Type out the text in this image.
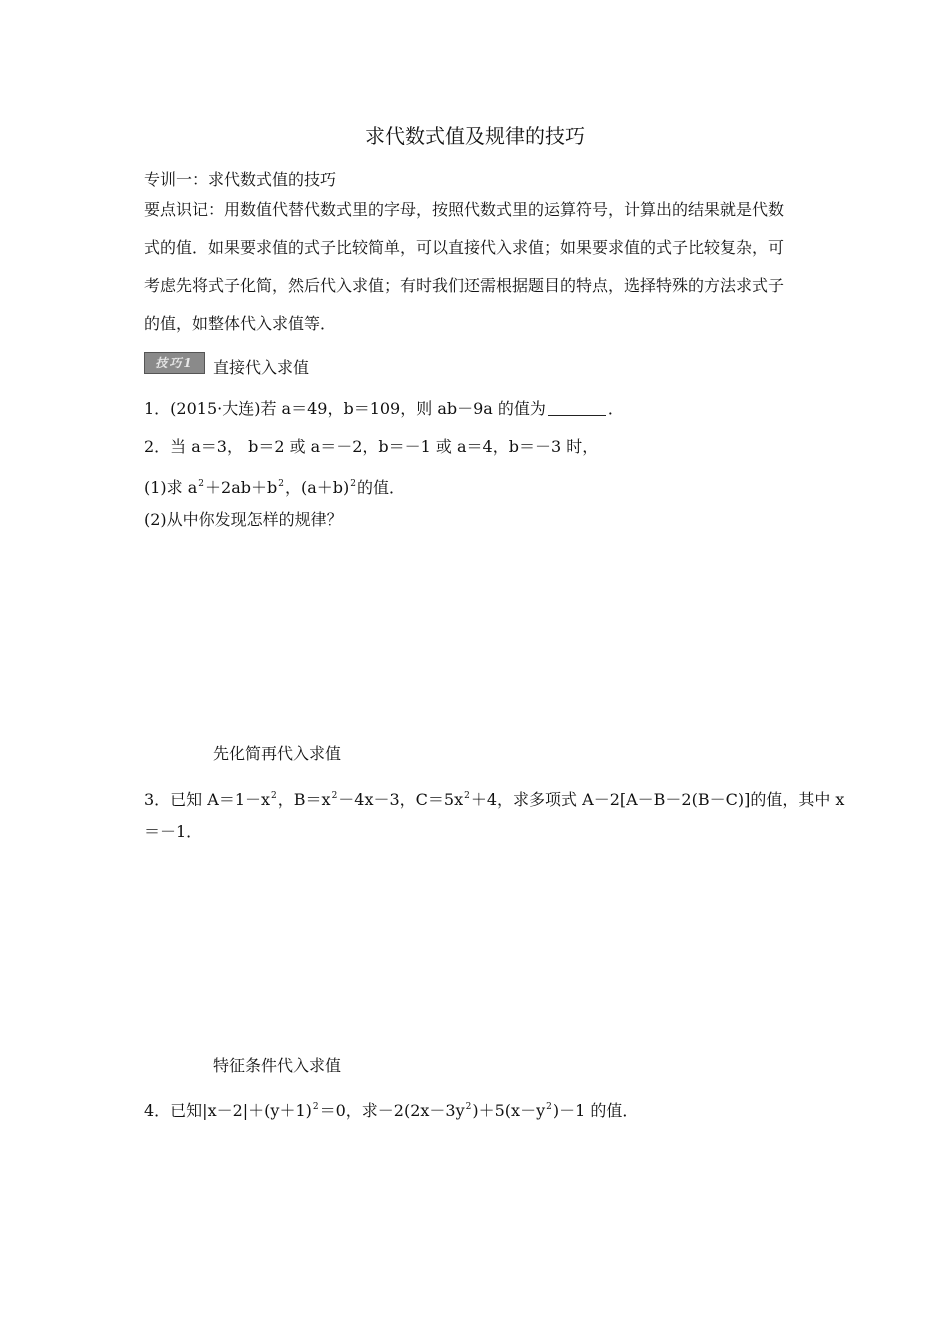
求代数式值及规律的技巧
专训一：求代数式值的技巧
要点识记：用数值代替代数式里的字母，按照代数式里的运算符号，计算出的结果就是代数
式的值．如果要求值的式子比较简单，可以直接代入求值；如果要求值的式子比较复杂，可
考虑先将式子化简，然后代入求值；有时我们还需根据题目的特点，选择特殊的方法求式子
的值，如整体代入求值等．
技巧1	直接代入求值
1．(2015·大连)若 a＝49，b＝109，则 ab－9a 的值为	．
2．当 a＝3， b＝2 或 a＝－2，b＝－1 或 a＝4，b＝－3 时，
(1)求 $a^2+2ab+b^2$，$(a+b)^2$的值．
(2)从中你发现怎样的规律？
先化简再代入求值
3．已知 $A=1-x^2$，$B=x^2-4x-3$，$C=5x^2+4$，求多项式 A－2[A－B－2(B－C)]的值，其中 x
＝－1．
特征条件代入求值
4．已知$|x-2|+(y+1)^2=0$，求$-2(2x-3y^2)+5(x-y^2)-1$ 的值．
